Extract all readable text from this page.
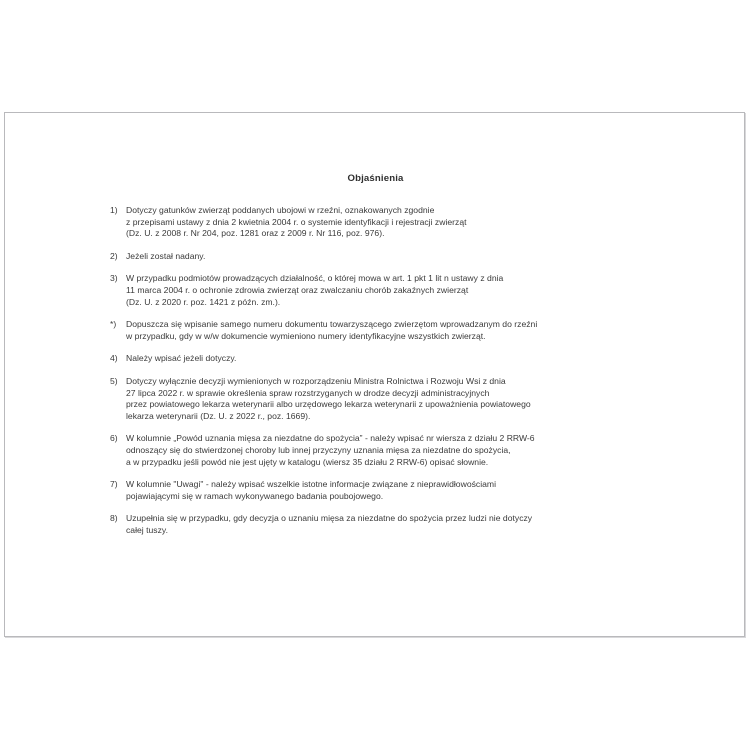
Objaśnienia
1) Dotyczy gatunków zwierząt poddanych ubojowi w rzeźni, oznakowanych zgodnie
z przepisami ustawy z dnia 2 kwietnia 2004 r. o systemie identyfikacji i rejestracji zwierząt
(Dz. U. z 2008 r. Nr 204, poz. 1281 oraz z 2009 r. Nr 116, poz. 976).
2) Jeżeli został nadany.
3) W przypadku podmiotów prowadzących działalność, o której mowa w art. 1 pkt 1 lit n ustawy z dnia
11 marca 2004 r. o ochronie zdrowia zwierząt oraz zwalczaniu chorób zakaźnych zwierząt
(Dz. U. z 2020 r. poz. 1421 z późn. zm.).
*)	Dopuszcza się wpisanie samego numeru dokumentu towarzyszącego zwierzętom wprowadzanym do rzeźni
w przypadku, gdy w w/w dokumencie wymieniono numery identyfikacyjne wszystkich zwierząt.
4) Należy wpisać jeżeli dotyczy.
5) Dotyczy wyłącznie decyzji wymienionych w rozporządzeniu Ministra Rolnictwa i Rozwoju Wsi z dnia
27 lipca 2022 r. w sprawie określenia spraw rozstrzyganych w drodze decyzji administracyjnych
przez powiatowego lekarza weterynarii albo urzędowego lekarza weterynarii z upoważnienia powiatowego
lekarza weterynarii (Dz. U. z 2022 r., poz. 1669).
6) W kolumnie „Powód uznania mięsa za niezdatne do spożycia” - należy wpisać nr wiersza z działu 2 RRW-6
odnoszący się do stwierdzonej choroby lub innej przyczyny uznania mięsa za niezdatne do spożycia,
a w przypadku jeśli powód nie jest ujęty w katalogu (wiersz 35 działu 2 RRW-6) opisać słownie.
7) W kolumnie "Uwagi" - należy wpisać wszelkie istotne informacje związane z nieprawidłowościami
pojawiającymi się w ramach wykonywanego badania poubojowego.
8) Uzupełnia się w przypadku, gdy decyzja o uznaniu mięsa za niezdatne do spożycia przez ludzi nie dotyczy
całej tuszy.
